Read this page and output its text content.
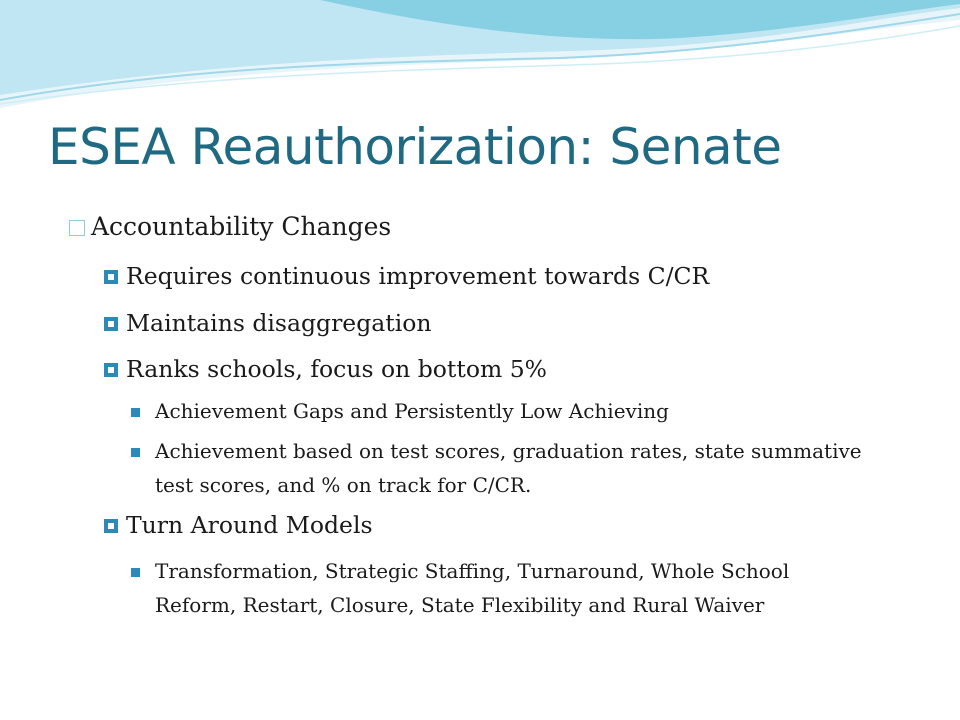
ESEA Reauthorization: Senate
Accountability Changes
Requires continuous improvement towards C/CR
Maintains disaggregation
Ranks schools, focus on bottom 5%
Achievement Gaps and Persistently Low Achieving
Achievement based on test scores, graduation rates, state summative test scores, and % on track for C/CR.
Turn Around Models
Transformation, Strategic Staffing, Turnaround, Whole School Reform, Restart, Closure, State Flexibility and Rural Waiver
